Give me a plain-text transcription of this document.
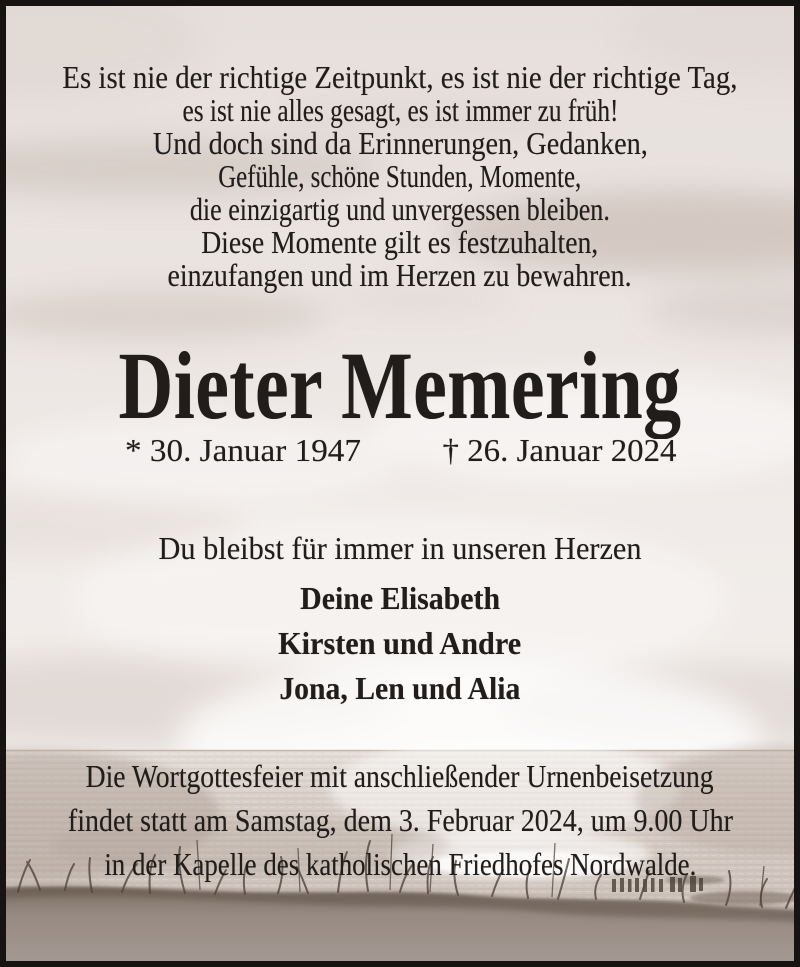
Es ist nie der richtige Zeitpunkt, es ist nie der richtige Tag,
es ist nie alles gesagt, es ist immer zu früh!
Und doch sind da Erinnerungen, Gedanken,
Gefühle, schöne Stunden, Momente,
die einzigartig und unvergessen bleiben.
Diese Momente gilt es festzuhalten,
einzufangen und im Herzen zu bewahren.
Dieter Memering
* 30. Januar 1947	† 26. Januar 2024
Du bleibst für immer in unseren Herzen
Deine Elisabeth
Kirsten und Andre
Jona, Len und Alia
Die Wortgottesfeier mit anschließender Urnenbeisetzung
findet statt am Samstag, dem 3. Februar 2024, um 9.00 Uhr
in der Kapelle des katholischen Friedhofes Nordwalde.
